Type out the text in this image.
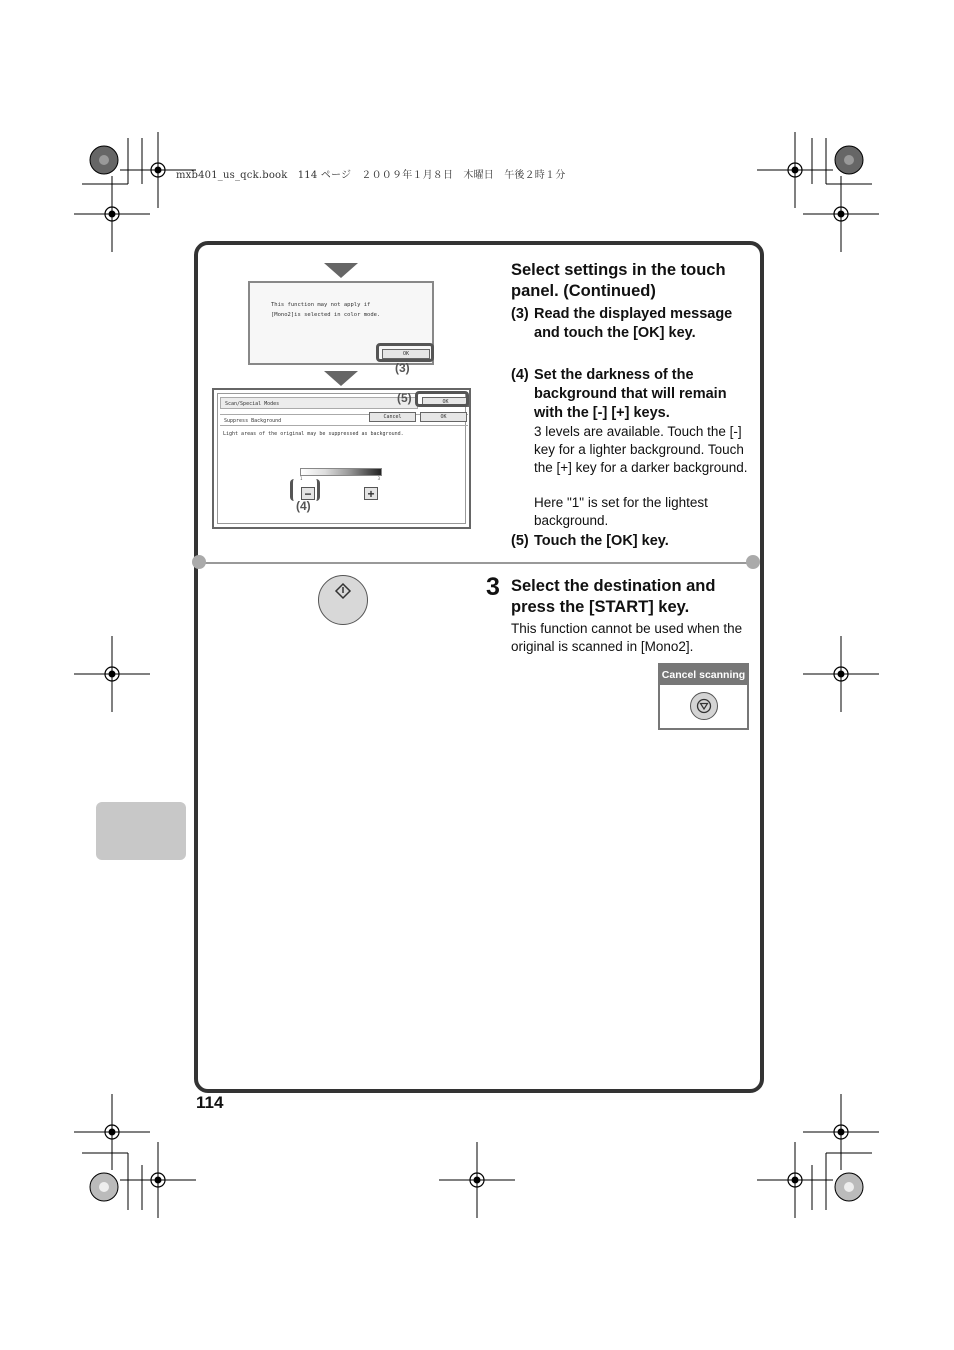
mxb401_us_qck.book　114 ページ　２００９年１月８日　木曜日　午後２時１分
This function may not apply if [Mono2]is selected in color mode.
OK
(3)
Scan/Special Modes	OK
Suppress Background
Cancel	OK
Light areas of the original may be suppressed as background.
1	3
−	+
(5)
(4)
Select settings in the touch panel. (Continued)
(3) Read the displayed message and touch the [OK] key.
(4) Set the darkness of the background that will remain with the [-] [+] keys.
3 levels are available. Touch the [-] key for a lighter background. Touch the [+] key for a darker background.
Here "1" is set for the lightest background.
(5) Touch the [OK] key.
3 Select the destination and press the [START] key.
This function cannot be used when the original is scanned in [Mono2].
Cancel scanning
114
